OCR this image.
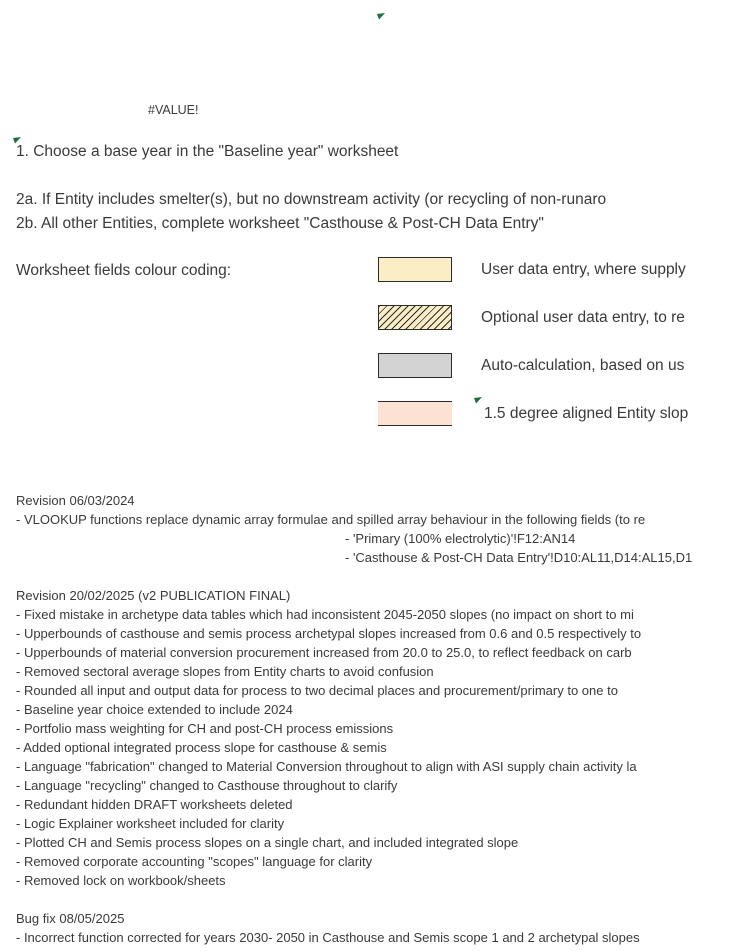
#VALUE!
1. Choose a base year in the "Baseline year" worksheet
2a. If Entity includes smelter(s), but no downstream activity (or recycling of non-runaro
2b. All other Entities, complete worksheet "Casthouse & Post-CH Data Entry"
Worksheet fields colour coding:	User data entry, where supply
Optional user data entry, to re
Auto-calculation, based on us
1.5 degree aligned Entity slop
Revision 06/03/2024
- VLOOKUP functions replace dynamic array formulae and spilled array behaviour in the following fields (to re
- 'Primary (100% electrolytic)'!F12:AN14
- 'Casthouse & Post-CH Data Entry'!D10:AL11,D14:AL15,D1
Revision 20/02/2025 (v2 PUBLICATION FINAL)
- Fixed mistake in archetype data tables which had inconsistent 2045-2050 slopes (no impact on short to mi
- Upperbounds of casthouse and semis process archetypal slopes increased from 0.6 and 0.5 respectively to
- Upperbounds of material conversion procurement increased from 20.0 to 25.0, to reflect feedback on carb
- Removed sectoral average slopes from Entity charts to avoid confusion
- Rounded all input and output data for process to two decimal places and procurement/primary to one to
- Baseline year choice extended to include 2024
- Portfolio mass weighting for CH and post-CH process emissions
- Added optional integrated process slope for casthouse & semis
- Language "fabrication" changed to Material Conversion throughout to align with ASI supply chain activity la
- Language "recycling" changed to Casthouse throughout to clarify
- Redundant hidden DRAFT worksheets deleted
- Logic Explainer worksheet included for clarity
- Plotted CH and Semis process slopes on a single chart, and included integrated slope
- Removed corporate accounting "scopes" language for clarity
- Removed lock on workbook/sheets
Bug fix 08/05/2025
- Incorrect function corrected for years 2030- 2050 in Casthouse and Semis scope 1 and 2 archetypal slopes
